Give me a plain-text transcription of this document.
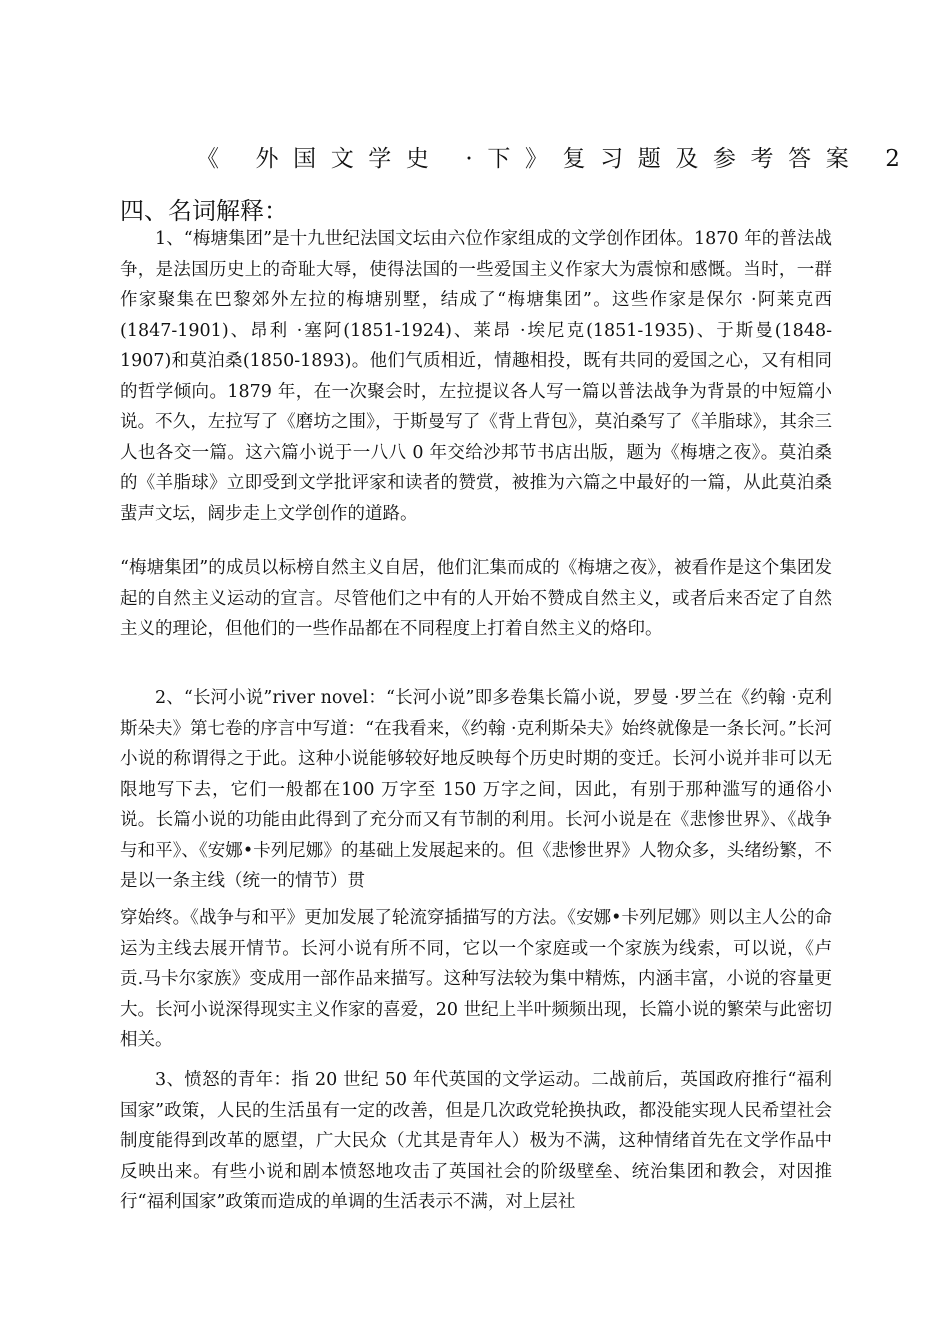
《 外国文学史 ·下》复习题及参考答案 2
四、名词解释：

1、“梅塘集团”是十九世纪法国文坛由六位作家组成的文学创作团体。1870 年的普法战争，是法国历史上的奇耻大辱，使得法国的一些爱国主义作家大为震惊和感慨。当时，一群作家聚集在巴黎郊外左拉的梅塘别墅，结成了“梅塘集团”。这些作家是保尔 ·阿莱克西(1847-1901)、昂利 ·塞阿(1851-1924)、莱昂 ·埃尼克(1851-1935)、于斯曼(1848-1907)和莫泊桑(1850-1893)。他们气质相近，情趣相投，既有共同的爱国之心，又有相同的哲学倾向。1879 年，在一次聚会时，左拉提议各人写一篇以普法战争为背景的中短篇小说。不久，左拉写了《磨坊之围》，于斯曼写了《背上背包》，莫泊桑写了《羊脂球》，其余三人也各交一篇。这六篇小说于一八八 0 年交给沙邦节书店出版，题为《梅塘之夜》。莫泊桑的《羊脂球》立即受到文学批评家和读者的赞赏，被推为六篇之中最好的一篇，从此莫泊桑蜚声文坛，阔步走上文学创作的道路。

“梅塘集团”的成员以标榜自然主义自居，他们汇集而成的《梅塘之夜》，被看作是这个集团发起的自然主义运动的宣言。尽管他们之中有的人开始不赞成自然主义，或者后来否定了自然主义的理论，但他们的一些作品都在不同程度上打着自然主义的烙印。

2、“长河小说”river novel：“长河小说”即多卷集长篇小说，罗曼 ·罗兰在《约翰 ·克利斯朵夫》第七卷的序言中写道：“在我看来，《约翰 ·克利斯朵夫》始终就像是一条长河。”长河小说的称谓得之于此。这种小说能够较好地反映每个历史时期的变迁。长河小说并非可以无限地写下去，它们一般都在100 万字至 150 万字之间，因此，有别于那种滥写的通俗小说。长篇小说的功能由此得到了充分而又有节制的利用。长河小说是在《悲惨世界》、《战争与和平》、《安娜•卡列尼娜》的基础上发展起来的。但《悲惨世界》人物众多，头绪纷繁，不是以一条主线（统一的情节）贯

穿始终。《战争与和平》更加发展了轮流穿插描写的方法。《安娜•卡列尼娜》则以主人公的命运为主线去展开情节。长河小说有所不同，它以一个家庭或一个家族为线索，可以说，《卢贡.马卡尔家族》变成用一部作品来描写。这种写法较为集中精炼，内涵丰富，小说的容量更大。长河小说深得现实主义作家的喜爱，20 世纪上半叶频频出现，长篇小说的繁荣与此密切相关。

3、愤怒的青年：指 20 世纪 50 年代英国的文学运动。二战前后，英国政府推行“福利国家”政策，人民的生活虽有一定的改善，但是几次政党轮换执政，都没能实现人民希望社会制度能得到改革的愿望，广大民众（尤其是青年人）极为不满，这种情绪首先在文学作品中反映出来。有些小说和剧本愤怒地攻击了英国社会的阶级壁垒、统治集团和教会，对因推行“福利国家”政策而造成的单调的生活表示不满，对上层社
